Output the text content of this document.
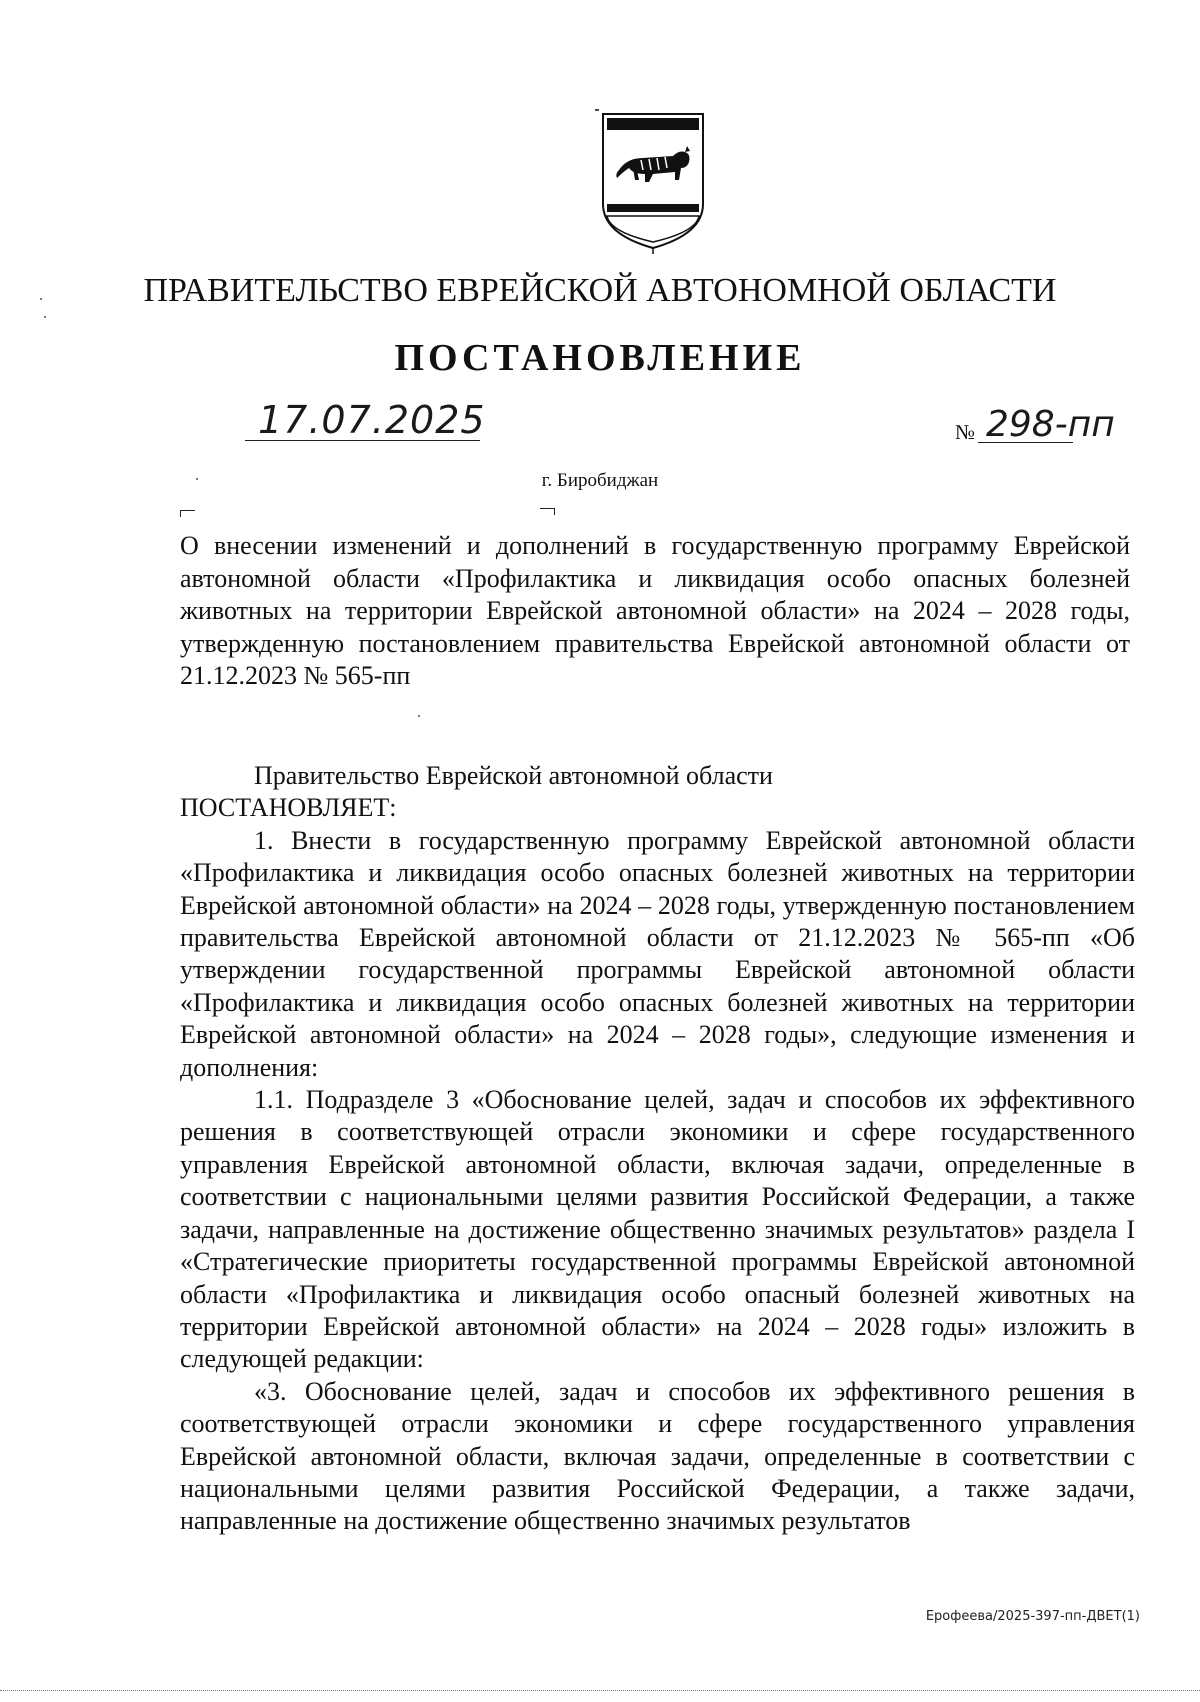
ПРАВИТЕЛЬСТВО ЕВРЕЙСКОЙ АВТОНОМНОЙ ОБЛАСТИ
ПОСТАНОВЛЕНИЕ
17.07.2025	№ 298-пп
г. Биробиджан
О внесении изменений и дополнений в государственную программу Еврейской автономной области «Профилактика и ликвидация особо опасных болезней животных на территории Еврейской автономной области» на 2024 – 2028 годы, утвержденную постановлением правительства Еврейской автономной области от 21.12.2023 № 565-пп

Правительство Еврейской автономной области

ПОСТАНОВЛЯЕТ:

1. Внести в государственную программу Еврейской автономной области «Профилактика и ликвидация особо опасных болезней животных на территории Еврейской автономной области» на 2024 – 2028 годы, утвержденную постановлением правительства Еврейской автономной области от 21.12.2023 № 565-пп «Об утверждении государственной программы Еврейской автономной области «Профилактика и ликвидация особо опасных болезней животных на территории Еврейской автономной области» на 2024 – 2028 годы», следующие изменения и дополнения:

1.1. Подразделе 3 «Обоснование целей, задач и способов их эффективного решения в соответствующей отрасли экономики и сфере государственного управления Еврейской автономной области, включая задачи, определенные в соответствии с национальными целями развития Российской Федерации, а также задачи, направленные на достижение общественно значимых результатов» раздела I «Стратегические приоритеты государственной программы Еврейской автономной области «Профилактика и ликвидация особо опасный болезней животных на территории Еврейской автономной области» на 2024 – 2028 годы» изложить в следующей редакции:

«3. Обоснование целей, задач и способов их эффективного решения в соответствующей отрасли экономики и сфере государственного управления Еврейской автономной области, включая задачи, определенные в соответствии с национальными целями развития Российской Федерации, а также задачи, направленные на достижение общественно значимых результатов

Ерофеева/2025-397-пп-ДВЕТ(1)
